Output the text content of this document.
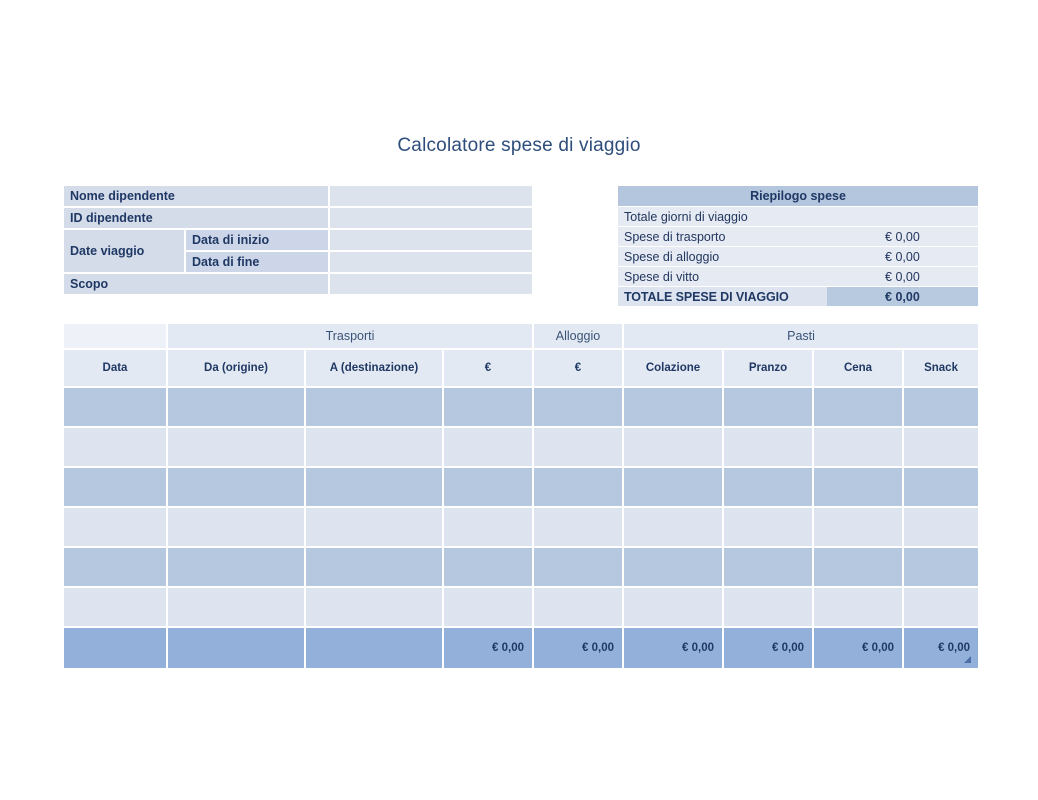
Calcolatore spese di viaggio
Nome dipendente		
ID dipendente		
Date viaggio	Data di inizio	
	Data di fine	
Scopo		
Riepilogo spese	
Totale giorni di viaggio	
Spese di trasporto	€ 0,00
Spese di alloggio	€ 0,00
Spese di vitto	€ 0,00
TOTALE SPESE DI VIAGGIO	€ 0,00
	Trasporti			Alloggio	Pasti			
Data	Da (origine)	A (destinazione)	€	€	Colazione	Pranzo	Cena	Snack

			€ 0,00	€ 0,00	€ 0,00	€ 0,00	€ 0,00	€ 0,00
